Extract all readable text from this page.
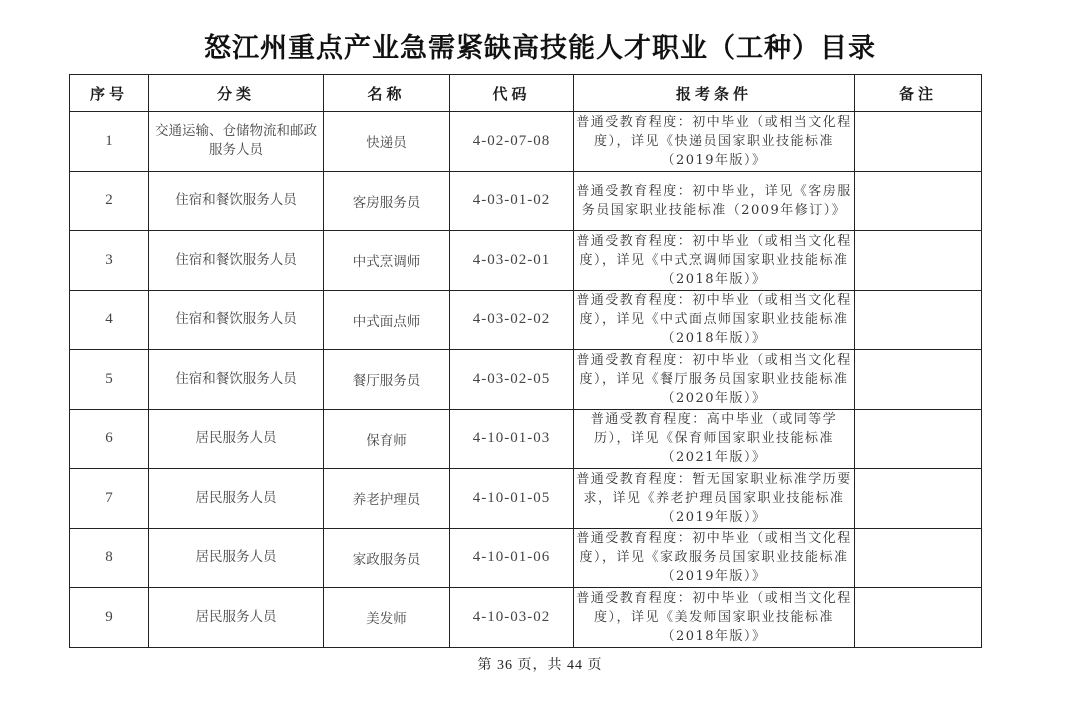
怒江州重点产业急需紧缺高技能人才职业（工种）目录
序号	分类	名称	代码	报考条件	备注
1	交通运输、仓储物流和邮政服务人员	快递员	4-02-07-08	普通受教育程度：初中毕业（或相当文化程度），详见《快递员国家职业技能标准（2019年版）》	
2	住宿和餐饮服务人员	客房服务员	4-03-01-02	普通受教育程度：初中毕业，详见《客房服务员国家职业技能标准（2009年修订）》	
3	住宿和餐饮服务人员	中式烹调师	4-03-02-01	普通受教育程度：初中毕业（或相当文化程度），详见《中式烹调师国家职业技能标准（2018年版）》	
4	住宿和餐饮服务人员	中式面点师	4-03-02-02	普通受教育程度：初中毕业（或相当文化程度），详见《中式面点师国家职业技能标准（2018年版）》	
5	住宿和餐饮服务人员	餐厅服务员	4-03-02-05	普通受教育程度：初中毕业（或相当文化程度），详见《餐厅服务员国家职业技能标准（2020年版）》	
6	居民服务人员	保育师	4-10-01-03	普通受教育程度：高中毕业（或同等学历），详见《保育师国家职业技能标准（2021年版）》	
7	居民服务人员	养老护理员	4-10-01-05	普通受教育程度：暂无国家职业标准学历要求，详见《养老护理员国家职业技能标准（2019年版）》	
8	居民服务人员	家政服务员	4-10-01-06	普通受教育程度：初中毕业（或相当文化程度），详见《家政服务员国家职业技能标准（2019年版）》	
9	居民服务人员	美发师	4-10-03-02	普通受教育程度：初中毕业（或相当文化程度），详见《美发师国家职业技能标准（2018年版）》	
第 36 页，共 44 页
